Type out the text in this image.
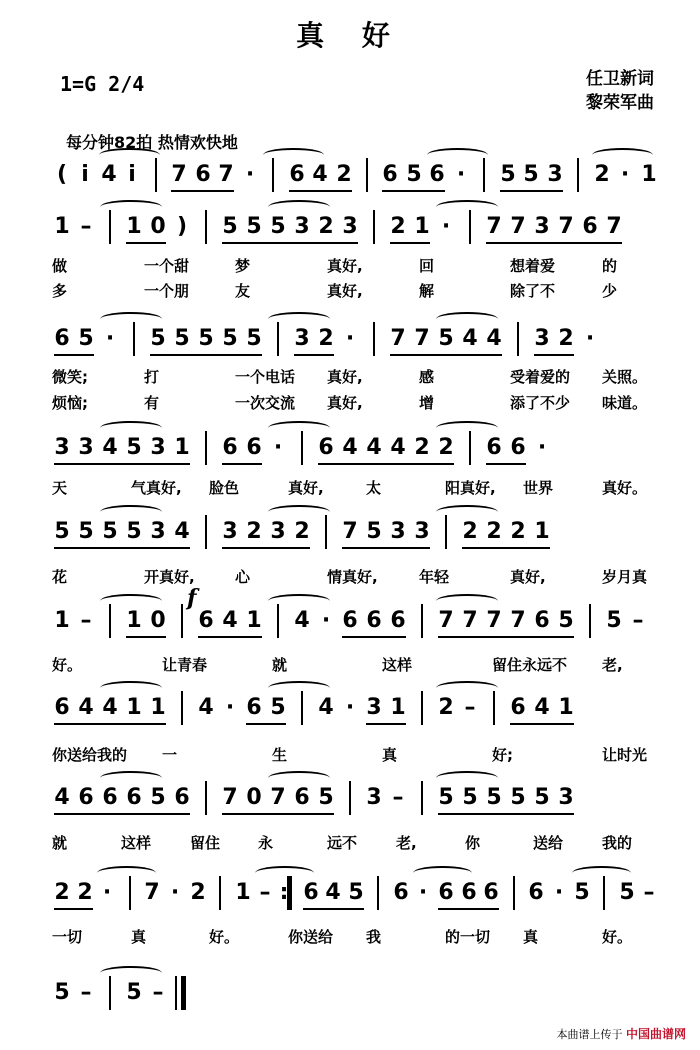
真 好
1=G 2/4	任卫新词
黎荣军曲
每分钟82拍 热情欢快地
f
( i 4 i 7 6 7 · 6 4 2 6 5 6 · 5 5 3 2 · 1
1 – 1 0 ) 5 5 5 3 2 3 2 1 · 7 7 3 7 6 7
做	一个甜	梦	真好,	回	想着爱	的
多	一个朋	友	真好,	解	除了不	少
6 5 · 5 5 5 5 5 3 2 · 7 7 5 4 4 3 2 ·
微笑;	打	一个电话 真好,	感	受着爱的 关照。
烦恼;	有	一次交流 真好,	增	添了不少 味道。
3 3 4 5 3 1 6 6 · 6 4 4 4 2 2 6 6 ·
天	气真好, 脸色	真好,	太	阳真好, 世界	真好。
5 5 5 5 3 4 3 2 3 2 7 5 3 3 2 2 2 1
花	开真好,	心	情真好,	年轻	真好,	岁月真
1 – 1 0 6 4 1 4 · 6 6 6 7 7 7 7 6 5 5 –
好。	让青春	就	这样	留住永远不 老,
6 4 4 1 1 4 · 6 5 4 · 3 1 2 – 6 4 1
你送给我的 一	生	真	好;	让时光
4 6 6 6 5 6 7 0 7 6 5 3 – 5 5 5 5 5 3
就	这样	留住	永	远不	老,	你	送给	我的
2 2 · 7 · 2 1 – : 6 4 5 6 · 6 6 6 6 · 5 5 –
一切	真	好。	你送给 我	的一切 真	好。
5 – 5 –
本曲谱上传于 中国曲谱网
